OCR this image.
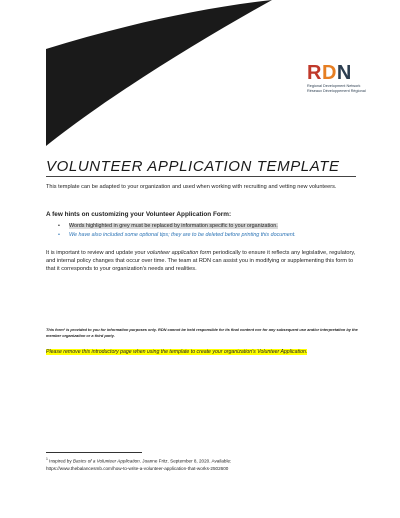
RDN
Regional Development Network
Réseaux Développement Régional
VOLUNTEER APPLICATION TEMPLATE

This template can be adapted to your organization and used when working with recruiting and vetting new volunteers.

A few hints on customizing your Volunteer Application Form:

• Words highlighted in grey must be replaced by information specific to your organization.
• We have also included some optional tips; they are to be deleted before printing this document.

It is important to review and update your volunteer application form periodically to ensure it reflects any legislative, regulatory, and internal policy changes that occur over time. The team at RDN can assist you in modifying or supplementing this form to that it corresponds to your organization's needs and realities.

This form¹ is provided to you for information purposes only. RDN cannot be held responsible for its final content nor for any subsequent use and/or interpretation by the member organization or a third party.

Please remove this introductory page when using the template to create your organization's Volunteer Application.

$^1$ Inspired by Basics of a Volunteer Application. Joanne Fritz. September 8, 2020. Available:
https://www.thebalancesmb.com/how-to-write-a-volunteer-application-that-works-2502600
